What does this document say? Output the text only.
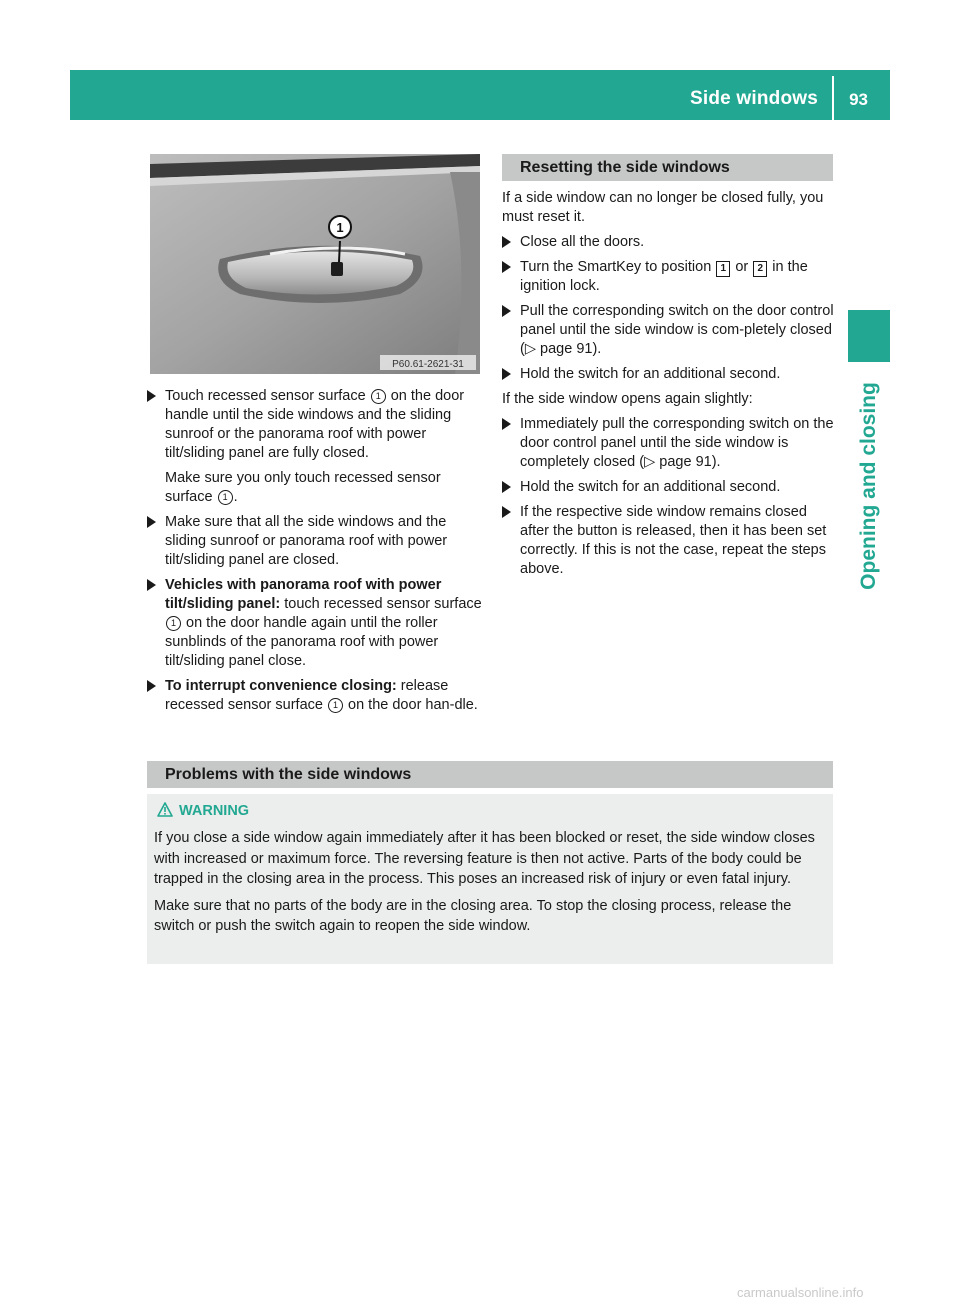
Side windows 93
Opening and closing
1
P60.61-2621-31
Touch recessed sensor surface 1 on the door handle until the side windows and the sliding sunroof or the panorama roof with power tilt/sliding panel are fully closed.
Make sure you only touch recessed sensor surface 1 .
Make sure that all the side windows and the sliding sunroof or panorama roof with power tilt/sliding panel are closed.
Vehicles with panorama roof with power tilt/sliding panel: touch recessed sensor surface 1 on the door handle again until the roller sunblinds of the panorama roof with power tilt/sliding panel close.
To interrupt convenience closing: release recessed sensor surface 1 on the door han-dle.
Resetting the side windows

If a side window can no longer be closed fully, you must reset it.

Close all the doors.
Turn the SmartKey to position 1 or 2 in the ignition lock.
Pull the corresponding switch on the door control panel until the side window is com-pletely closed (▷ page 91).
Hold the switch for an additional second.

If the side window opens again slightly:

Immediately pull the corresponding switch on the door control panel until the side window is completely closed (▷ page 91).
Hold the switch for an additional second.
If the respective side window remains closed after the button is released, then it has been set correctly. If this is not the case, repeat the steps above.
Problems with the side windows
WARNING

If you close a side window again immediately after it has been blocked or reset, the side window closes with increased or maximum force. The reversing feature is then not active. Parts of the body could be trapped in the closing area in the process. This poses an increased risk of injury or even fatal injury.

Make sure that no parts of the body are in the closing area. To stop the closing process, release the switch or push the switch again to reopen the side window.

carmanualsonline.info
